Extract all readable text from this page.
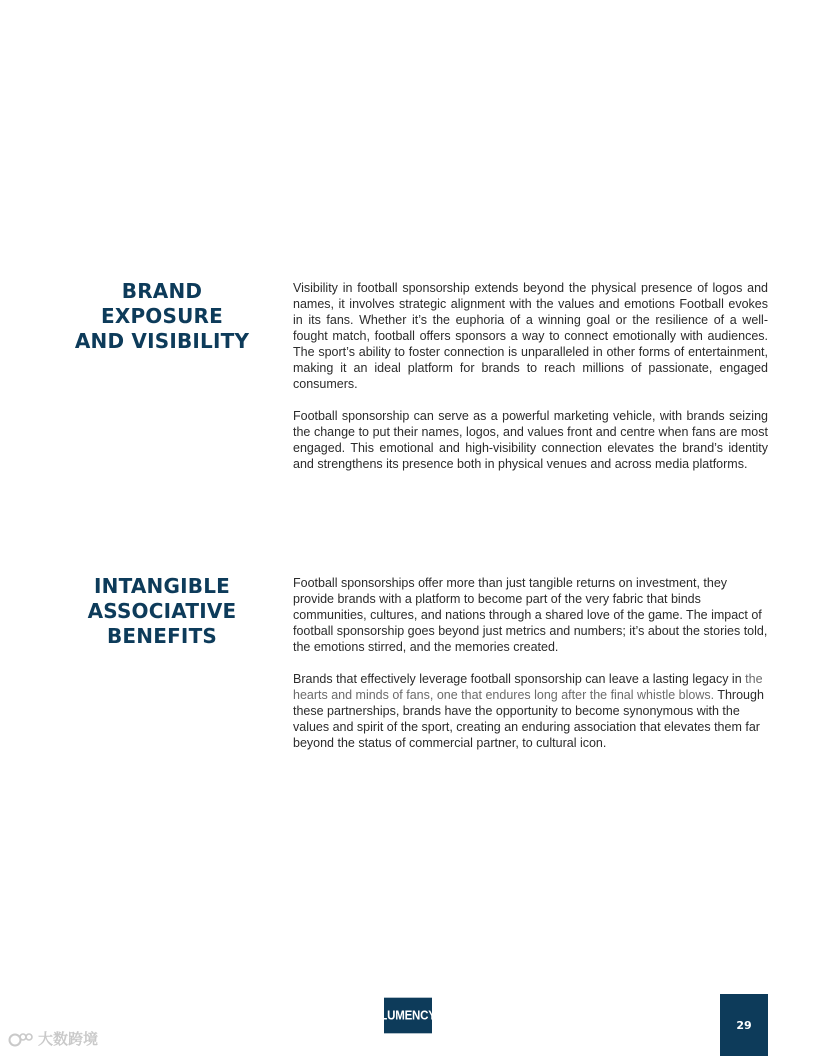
BRAND EXPOSURE
AND VISIBILITY

Visibility in football sponsorship extends beyond the physical presence of logos and names, it involves strategic alignment with the values and emotions Football evokes in its fans. Whether it’s the euphoria of a winning goal or the resilience of a well-fought match, football offers sponsors a way to connect emotionally with audiences. The sport’s ability to foster connection is unparalleled in other forms of entertainment, making it an ideal platform for brands to reach millions of passionate, engaged consumers.

Football sponsorship can serve as a powerful marketing vehicle, with brands seizing the change to put their names, logos, and values front and centre when fans are most engaged. This emotional and high-visibility connection elevates the brand’s identity and strengthens its presence both in physical venues and across media platforms.

INTANGIBLE
ASSOCIATIVE
BENEFITS

Football sponsorships offer more than just tangible returns on investment, they provide brands with a platform to become part of the very fabric that binds communities, cultures, and nations through a shared love of the game. The impact of football sponsorship goes beyond just metrics and numbers; it’s about the stories told, the emotions stirred, and the memories created.

Brands that effectively leverage football sponsorship can leave a lasting legacy in the hearts and minds of fans, one that endures long after the final whistle blows. Through these partnerships, brands have the opportunity to become synonymous with the values and spirit of the sport, creating an enduring association that elevates them far beyond the status of commercial partner, to cultural icon.

LUMENCY
29
大数跨境
